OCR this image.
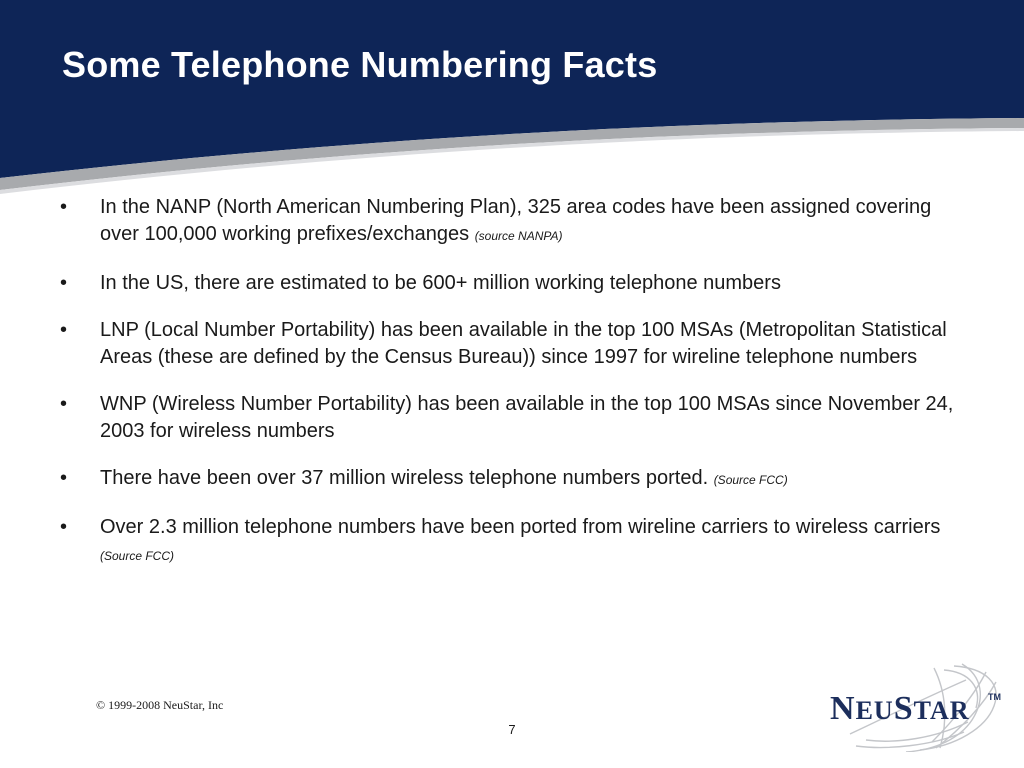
Some Telephone Numbering Facts
• In the NANP (North American Numbering Plan), 325 area codes have been assigned covering over 100,000 working prefixes/exchanges (source NANPA)
• In the US, there are estimated to be 600+ million working telephone numbers
• LNP (Local Number Portability) has been available in the top 100 MSAs (Metropolitan Statistical Areas (these are defined by the Census Bureau)) since 1997 for wireline telephone numbers
• WNP (Wireless Number Portability) has been available in the top 100 MSAs since November 24, 2003 for wireless numbers
• There have been over 37 million wireless telephone numbers ported. (Source FCC)
• Over 2.3 million telephone numbers have been ported from wireline carriers to wireless carriers (Source FCC)
© 1999-2008 NeuStar, Inc
7
NEUSTAR TM
